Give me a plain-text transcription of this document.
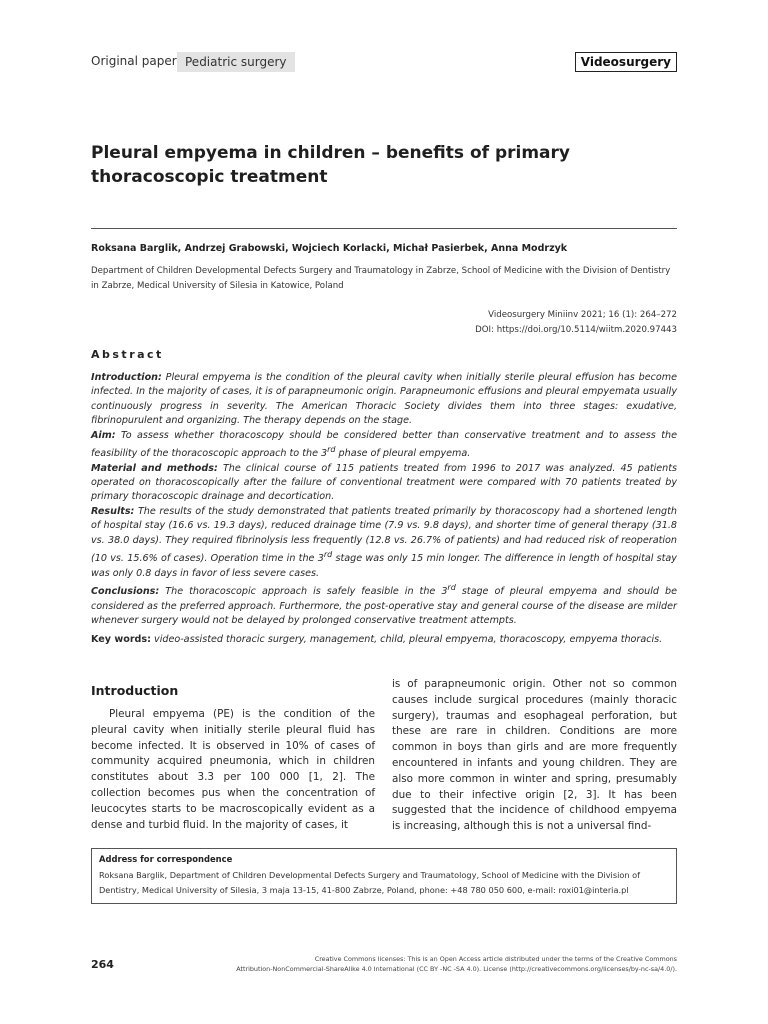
Original paper Pediatric surgery	Videosurgery
Pleural empyema in children – benefits of primary thoracoscopic treatment
Roksana Barglik, Andrzej Grabowski, Wojciech Korlacki, Michał Pasierbek, Anna Modrzyk
Department of Children Developmental Defects Surgery and Traumatology in Zabrze, School of Medicine with the Division of Dentistry in Zabrze, Medical University of Silesia in Katowice, Poland
Videosurgery Miniinv 2021; 16 (1): 264–272
DOI: https://doi.org/10.5114/wiitm.2020.97443
Abstract

Introduction: Pleural empyema is the condition of the pleural cavity when initially sterile pleural effusion has become infected. In the majority of cases, it is of parapneumonic origin. Parapneumonic effusions and pleural empyemata usually continuously progress in severity. The American Thoracic Society divides them into three stages: exudative, fibrinopurulent and organizing. The therapy depends on the stage.

Aim: To assess whether thoracoscopy should be considered better than conservative treatment and to assess the feasibility of the thoracoscopic approach to the 3rd phase of pleural empyema.

Material and methods: The clinical course of 115 patients treated from 1996 to 2017 was analyzed. 45 patients operated on thoracoscopically after the failure of conventional treatment were compared with 70 patients treated by primary thoracoscopic drainage and decortication.

Results: The results of the study demonstrated that patients treated primarily by thoracoscopy had a shortened length of hospital stay (16.6 vs. 19.3 days), reduced drainage time (7.9 vs. 9.8 days), and shorter time of general therapy (31.8 vs. 38.0 days). They required fibrinolysis less frequently (12.8 vs. 26.7% of patients) and had reduced risk of reoperation (10 vs. 15.6% of cases). Operation time in the 3rd stage was only 15 min longer. The difference in length of hospital stay was only 0.8 days in favor of less severe cases.

Conclusions: The thoracoscopic approach is safely feasible in the 3rd stage of pleural empyema and should be considered as the preferred approach. Furthermore, the post-operative stay and general course of the disease are milder whenever surgery would not be delayed by prolonged conservative treatment attempts.

Key words: video-assisted thoracic surgery, management, child, pleural empyema, thoracoscopy, empyema thoracis.
Introduction
Pleural empyema (PE) is the condition of the pleural cavity when initially sterile pleural fluid has become infected. It is observed in 10% of cases of community acquired pneumonia, which in children constitutes about 3.3 per 100 000 [1, 2]. The collection becomes pus when the concentration of leucocytes starts to be macroscopically evident as a dense and turbid fluid. In the majority of cases, it
is of parapneumonic origin. Other not so common causes include surgical procedures (mainly thoracic surgery), traumas and esophageal perforation, but these are rare in children. Conditions are more common in boys than girls and are more frequently encountered in infants and young children. They are also more common in winter and spring, presumably due to their infective origin [2, 3]. It has been suggested that the incidence of childhood empyema is increasing, although this is not a universal find-
Address for correspondence
Roksana Barglik, Department of Children Developmental Defects Surgery and Traumatology, School of Medicine with the Division of Dentistry, Medical University of Silesia, 3 maja 13-15, 41-800 Zabrze, Poland, phone: +48 780 050 600, e-mail: roxi01@interia.pl
264	Creative Commons licenses: This is an Open Access article distributed under the terms of the Creative Commons
Attribution-NonCommercial-ShareAlike 4.0 International (CC BY -NC -SA 4.0). License (http://creativecommons.org/licenses/by-nc-sa/4.0/).
